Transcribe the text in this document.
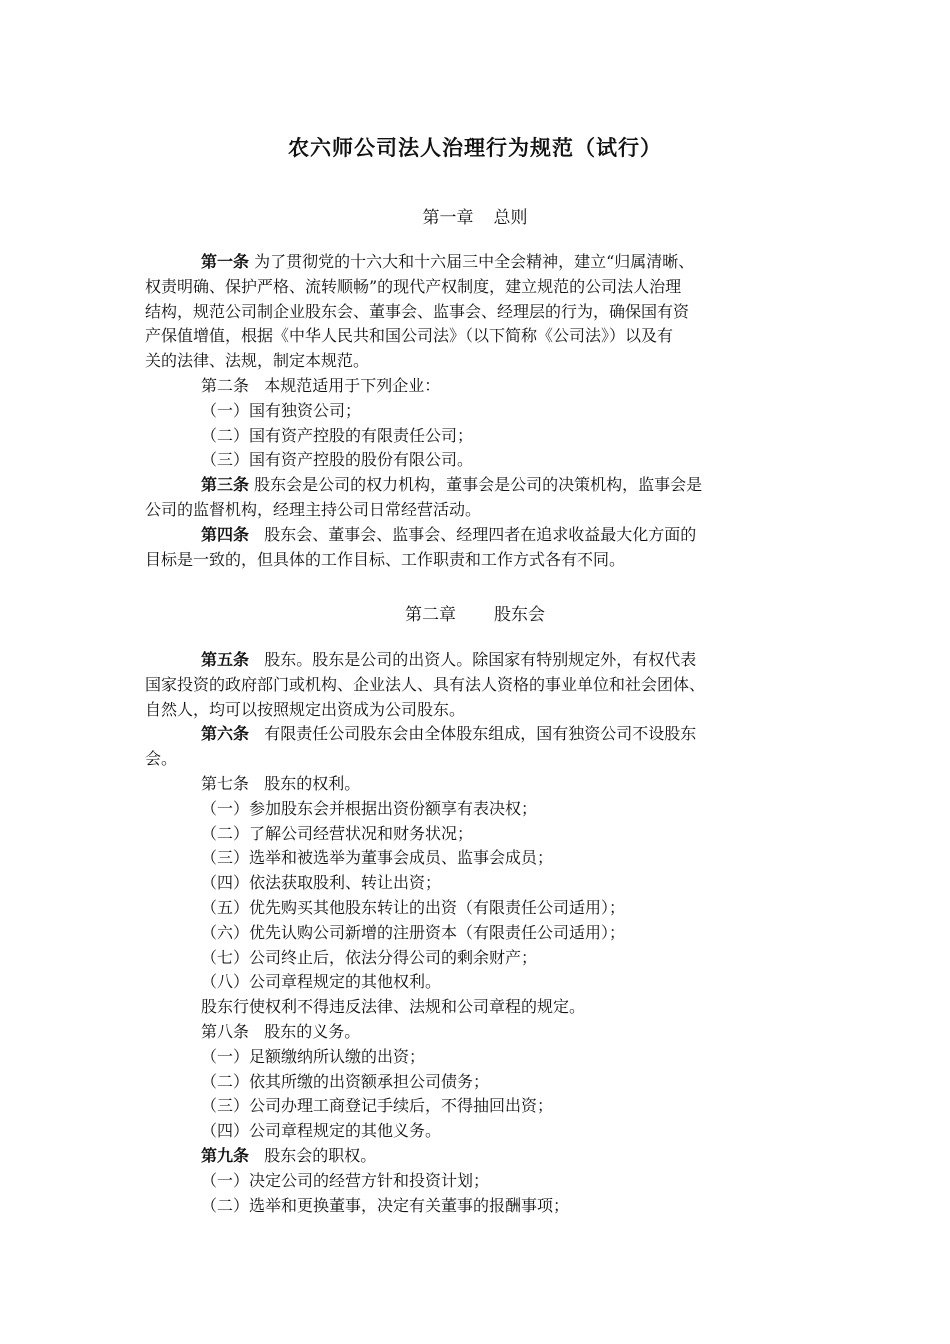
农六师公司法人治理行为规范（试行）
第一章 总则
第一条 为了贯彻党的十六大和十六届三中全会精神，建立“归属清晰、
权责明确、保护严格、流转顺畅”的现代产权制度，建立规范的公司法人治理
结构，规范公司制企业股东会、董事会、监事会、经理层的行为，确保国有资
产保值增值，根据《中华人民共和国公司法》（以下简称《公司法》）以及有
关的法律、法规，制定本规范。
第二条 本规范适用于下列企业：
（一）国有独资公司；
（二）国有资产控股的有限责任公司；
（三）国有资产控股的股份有限公司。
第三条 股东会是公司的权力机构，董事会是公司的决策机构，监事会是
公司的监督机构，经理主持公司日常经营活动。
第四条 股东会、董事会、监事会、经理四者在追求收益最大化方面的
目标是一致的，但具体的工作目标、工作职责和工作方式各有不同。
第二章 股东会
第五条 股东。股东是公司的出资人。除国家有特别规定外，有权代表
国家投资的政府部门或机构、企业法人、具有法人资格的事业单位和社会团体、
自然人，均可以按照规定出资成为公司股东。
第六条 有限责任公司股东会由全体股东组成，国有独资公司不设股东
会。
第七条 股东的权利。
（一）参加股东会并根据出资份额享有表决权；
（二）了解公司经营状况和财务状况；
（三）选举和被选举为董事会成员、监事会成员；
（四）依法获取股利、转让出资；
（五）优先购买其他股东转让的出资（有限责任公司适用）；
（六）优先认购公司新增的注册资本（有限责任公司适用）；
（七）公司终止后，依法分得公司的剩余财产；
（八）公司章程规定的其他权利。
股东行使权利不得违反法律、法规和公司章程的规定。
第八条 股东的义务。
（一）足额缴纳所认缴的出资；
（二）依其所缴的出资额承担公司债务；
（三）公司办理工商登记手续后，不得抽回出资；
（四）公司章程规定的其他义务。
第九条 股东会的职权。
（一）决定公司的经营方针和投资计划；
（二）选举和更换董事，决定有关董事的报酬事项；
